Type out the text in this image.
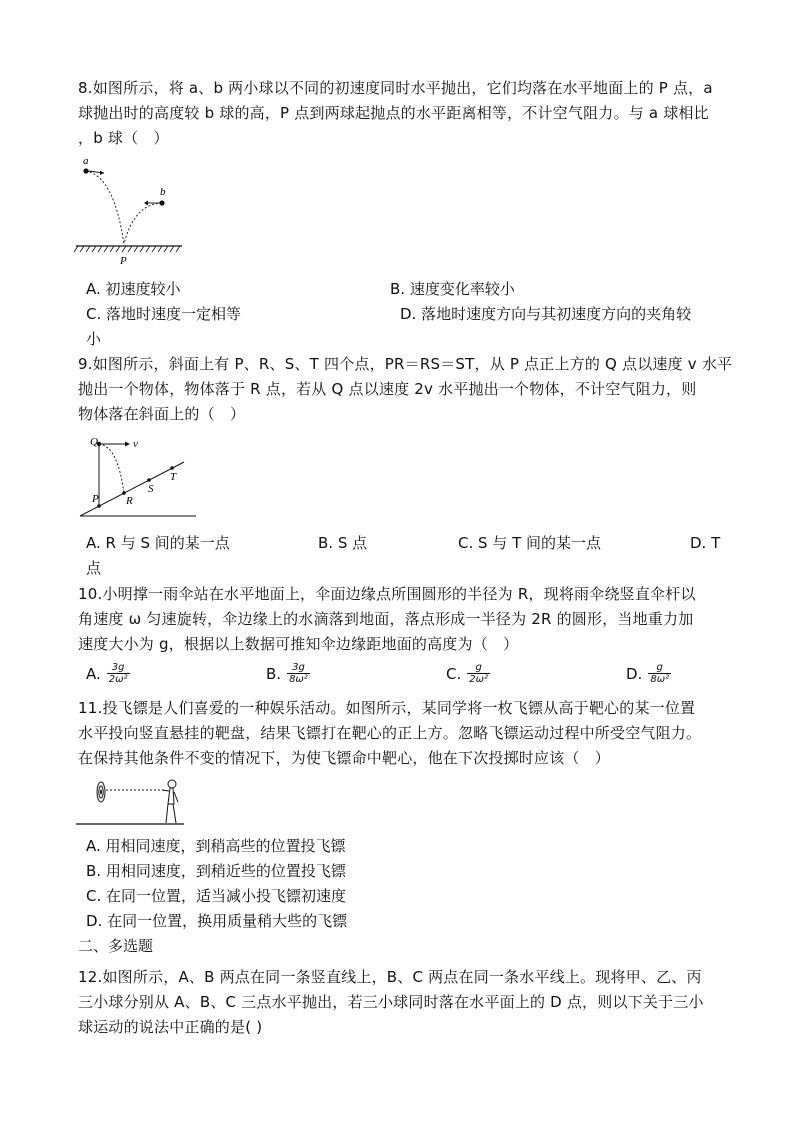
8.如图所示，将 a、b 两小球以不同的初速度同时水平抛出，它们均落在水平地面上的 P 点，a
球抛出时的高度较 b 球的高，P 点到两球起抛点的水平距离相等，不计空气阻力。与 a 球相比
，b 球（　）
a
b
P
A. 初速度较小	B. 速度变化率较小
C. 落地时速度一定相等	D. 落地时速度方向与其初速度方向的夹角较
小
9.如图所示，斜面上有 P、R、S、T 四个点，PR＝RS＝ST，从 P 点正上方的 Q 点以速度 v 水平
抛出一个物体，物体落于 R 点，若从 Q 点以速度 2v 水平抛出一个物体，不计空气阻力，则
物体落在斜面上的（　）
Q	v
P R
S
T
A. R 与 S 间的某一点	B. S 点	C. S 与 T 间的某一点	D. T
点
10.小明撑一雨伞站在水平地面上，伞面边缘点所围圆形的半径为 R，现将雨伞绕竖直伞杆以
角速度 ω 匀速旋转，伞边缘上的水滴落到地面，落点形成一半径为 2R 的圆形，当地重力加
速度大小为 g，根据以上数据可推知伞边缘距地面的高度为（　）
A. $\frac{3g}{\text{2ω²}}$	B. $\frac{3g}{\text{8ω²}}$	C. $\frac{g}{\text{2ω²}}$	D. $\frac{g}{\text{8ω²}}$
11.投飞镖是人们喜爱的一种娱乐活动。如图所示，某同学将一枚飞镖从高于靶心的某一位置
水平投向竖直悬挂的靶盘，结果飞镖打在靶心的正上方。忽略飞镖运动过程中所受空气阻力。
在保持其他条件不变的情况下，为使飞镖命中靶心，他在下次投掷时应该（　）
A. 用相同速度，到稍高些的位置投飞镖
B. 用相同速度，到稍近些的位置投飞镖
C. 在同一位置，适当减小投飞镖初速度
D. 在同一位置，换用质量稍大些的飞镖
二、多选题
12.如图所示，A、B 两点在同一条竖直线上，B、C 两点在同一条水平线上。现将甲、乙、丙
三小球分别从 A、B、C 三点水平抛出，若三小球同时落在水平面上的 D 点，则以下关于三小
球运动的说法中正确的是( )
